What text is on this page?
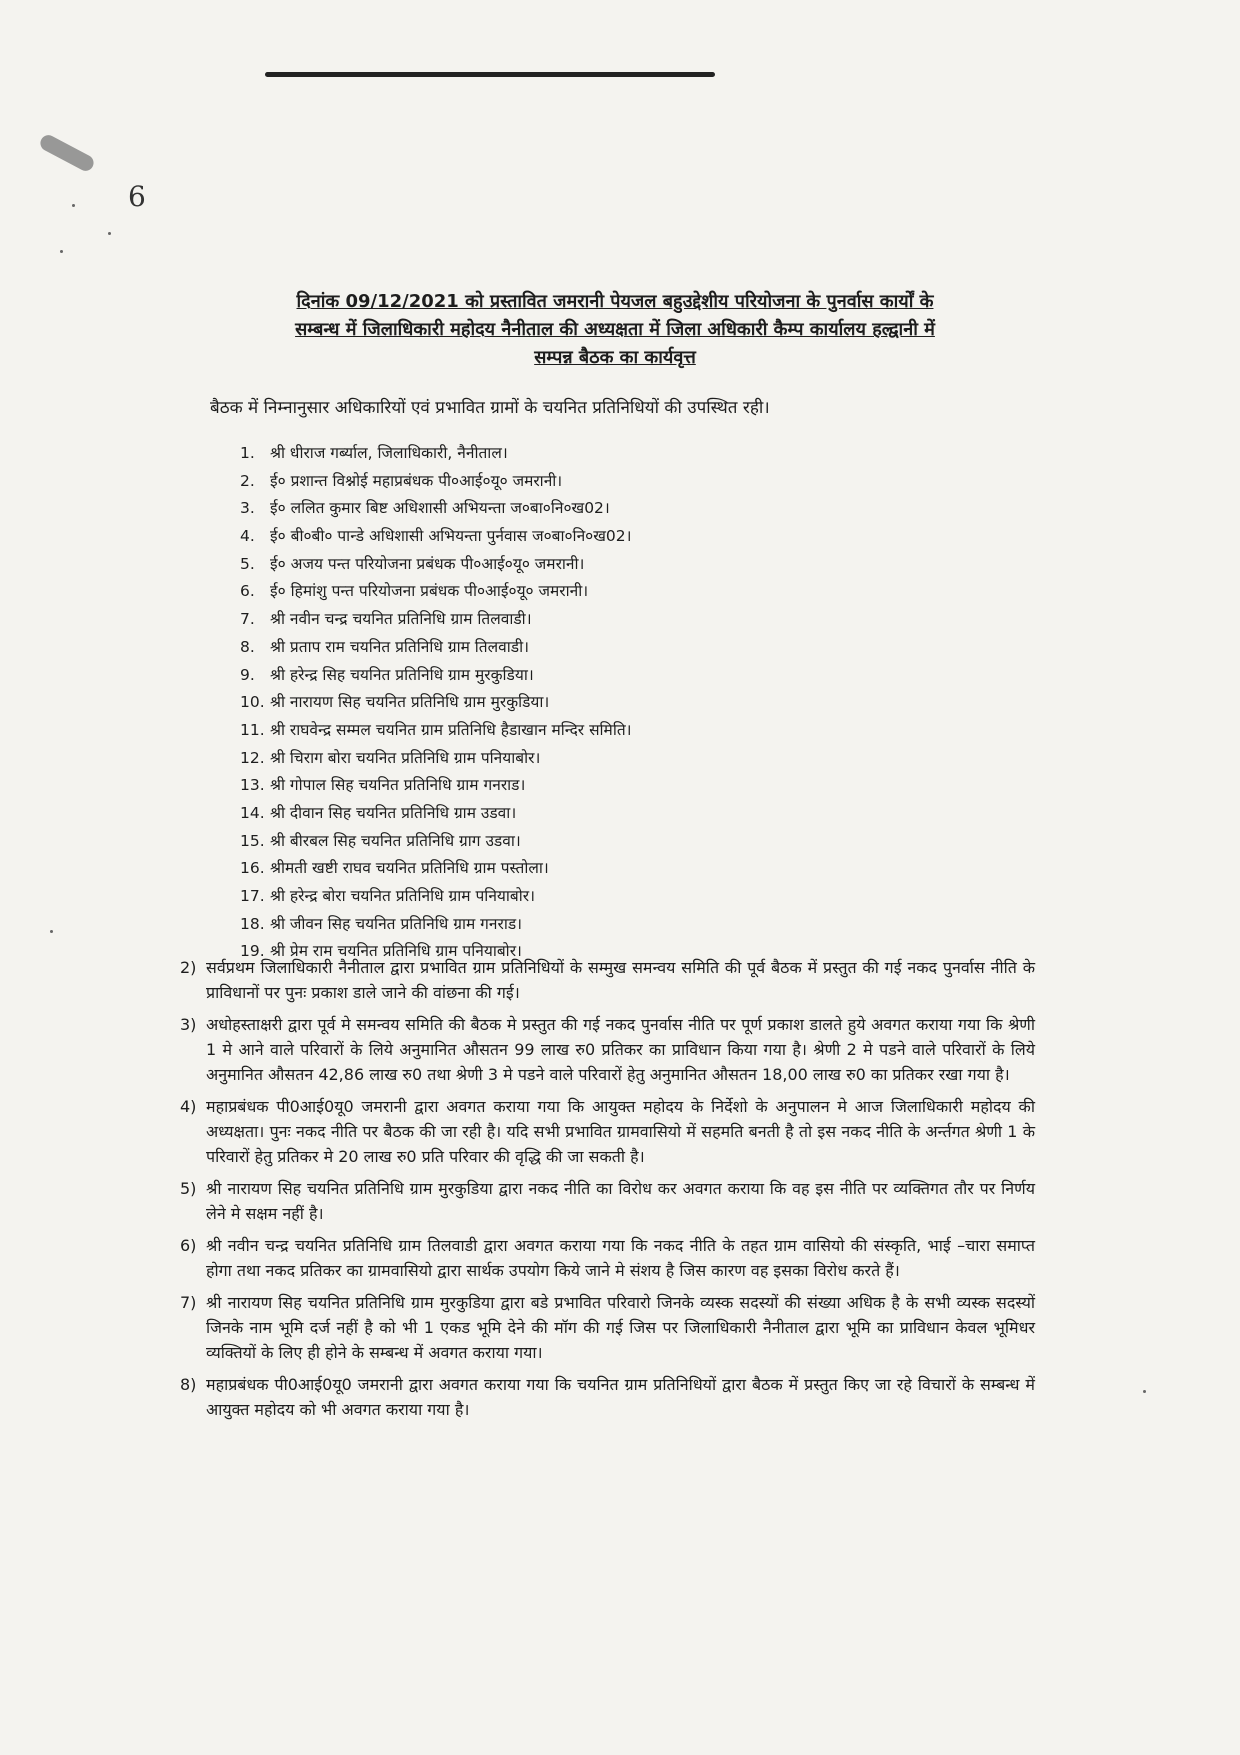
6
दिनांक 09/12/2021 को प्रस्तावित जमरानी पेयजल बहुउद्देशीय परियोजना के पुनर्वास कार्यों के
सम्बन्ध में जिलाधिकारी महोदय नैनीताल की अध्यक्षता में जिला अधिकारी कैम्प कार्यालय हल्द्वानी में
सम्पन्न बैठक का कार्यवृत्त
बैठक में निम्नानुसार अधिकारियों एवं प्रभावित ग्रामों के चयनित प्रतिनिधियों की उपस्थित रही।
1. श्री धीराज गर्ब्याल, जिलाधिकारी, नैनीताल।
2. ई० प्रशान्त विश्नोई महाप्रबंधक पी०आई०यू० जमरानी।
3. ई० ललित कुमार बिष्ट अधिशासी अभियन्ता ज०बा०नि०ख02।
4. ई० बी०बी० पान्डे अधिशासी अभियन्ता पुर्नवास ज०बा०नि०ख02।
5. ई० अजय पन्त परियोजना प्रबंधक पी०आई०यू० जमरानी।
6. ई० हिमांशु पन्त परियोजना प्रबंधक पी०आई०यू० जमरानी।
7. श्री नवीन चन्द्र चयनित प्रतिनिधि ग्राम तिलवाडी।
8. श्री प्रताप राम चयनित प्रतिनिधि ग्राम तिलवाडी।
9. श्री हरेन्द्र सिह चयनित प्रतिनिधि ग्राम मुरकुडिया।
10. श्री नारायण सिह चयनित प्रतिनिधि ग्राम मुरकुडिया।
11. श्री राघवेन्द्र सम्मल चयनित ग्राम प्रतिनिधि हैडाखान मन्दिर समिति।
12. श्री चिराग बोरा चयनित प्रतिनिधि ग्राम पनियाबोर।
13. श्री गोपाल सिह चयनित प्रतिनिधि ग्राम गनराड।
14. श्री दीवान सिह चयनित प्रतिनिधि ग्राम उडवा।
15. श्री बीरबल सिह चयनित प्रतिनिधि ग्राग उडवा।
16. श्रीमती खष्टी राघव चयनित प्रतिनिधि ग्राम पस्तोला।
17. श्री हरेन्द्र बोरा चयनित प्रतिनिधि ग्राम पनियाबोर।
18. श्री जीवन सिह चयनित प्रतिनिधि ग्राम गनराड।
19. श्री प्रेम राम चयनित प्रतिनिधि ग्राम पनियाबोर।
2) सर्वप्रथम जिलाधिकारी नैनीताल द्वारा प्रभावित ग्राम प्रतिनिधियों के सम्मुख समन्वय समिति की पूर्व बैठक में प्रस्तुत की गई नकद पुनर्वास नीति के प्राविधानों पर पुनः प्रकाश डाले जाने की वांछना की गई।
3) अधोहस्ताक्षरी द्वारा पूर्व मे समन्वय समिति की बैठक मे प्रस्तुत की गई नकद पुनर्वास नीति पर पूर्ण प्रकाश डालते हुये अवगत कराया गया कि श्रेणी 1 मे आने वाले परिवारों के लिये अनुमानित औसतन 99 लाख रु0 प्रतिकर का प्राविधान किया गया है। श्रेणी 2 मे पडने वाले परिवारों के लिये अनुमानित औसतन 42,86 लाख रु0 तथा श्रेणी 3 मे पडने वाले परिवारों हेतु अनुमानित औसतन 18,00 लाख रु0 का प्रतिकर रखा गया है।
4) महाप्रबंधक पी0आई0यू0 जमरानी द्वारा अवगत कराया गया कि आयुक्त महोदय के निर्देशो के अनुपालन मे आज जिलाधिकारी महोदय की अध्यक्षता। पुनः नकद नीति पर बैठक की जा रही है। यदि सभी प्रभावित ग्रामवासियो में सहमति बनती है तो इस नकद नीति के अर्न्तगत श्रेणी 1 के परिवारों हेतु प्रतिकर मे 20 लाख रु0 प्रति परिवार की वृद्धि की जा सकती है।
5) श्री नारायण सिह चयनित प्रतिनिधि ग्राम मुरकुडिया द्वारा नकद नीति का विरोध कर अवगत कराया कि वह इस नीति पर व्यक्तिगत तौर पर निर्णय लेने मे सक्षम नहीं है।
6) श्री नवीन चन्द्र चयनित प्रतिनिधि ग्राम तिलवाडी द्वारा अवगत कराया गया कि नकद नीति के तहत ग्राम वासियो की संस्कृति, भाई –चारा समाप्त होगा तथा नकद प्रतिकर का ग्रामवासियो द्वारा सार्थक उपयोग किये जाने मे संशय है जिस कारण वह इसका विरोध करते हैं।
7) श्री नारायण सिह चयनित प्रतिनिधि ग्राम मुरकुडिया द्वारा बडे प्रभावित परिवारो जिनके व्यस्क सदस्यों की संख्या अधिक है के सभी व्यस्क सदस्यों जिनके नाम भूमि दर्ज नहीं है को भी 1 एकड भूमि देने की मॉग की गई जिस पर जिलाधिकारी नैनीताल द्वारा भूमि का प्राविधान केवल भूमिधर व्यक्तियों के लिए ही होने के सम्बन्ध में अवगत कराया गया।
8) महाप्रबंधक पी0आई0यू0 जमरानी द्वारा अवगत कराया गया कि चयनित ग्राम प्रतिनिधियों द्वारा बैठक में प्रस्तुत किए जा रहे विचारों के सम्बन्ध में आयुक्त महोदय को भी अवगत कराया गया है।
